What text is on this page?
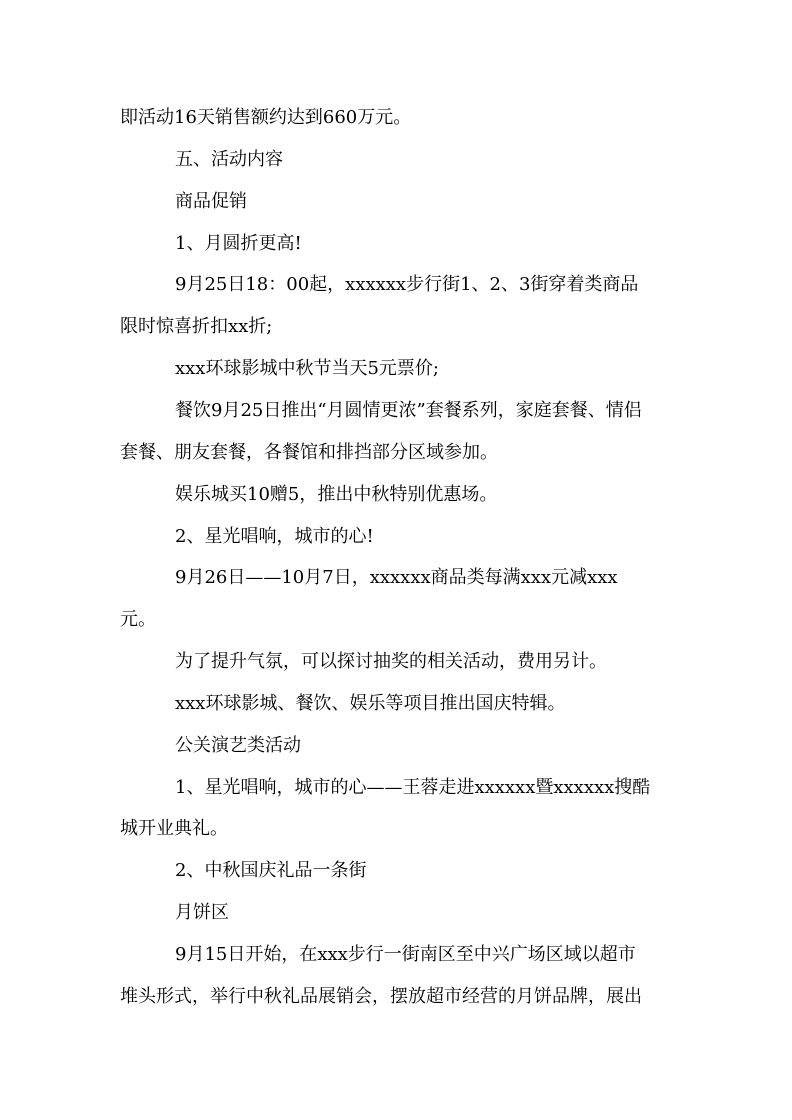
即活动16天销售额约达到660万元。
五、活动内容
商品促销
1、月圆折更高!
9月25日18：00起，xxxxxx步行街1、2、3街穿着类商品
限时惊喜折扣xx折;
xxx环球影城中秋节当天5元票价;
餐饮9月25日推出“月圆情更浓”套餐系列，家庭套餐、情侣
套餐、朋友套餐，各餐馆和排挡部分区域参加。
娱乐城买10赠5，推出中秋特别优惠场。
2、星光唱响，城市的心!
9月26日——10月7日，xxxxxx商品类每满xxx元减xxx
元。
为了提升气氛，可以探讨抽奖的相关活动，费用另计。
xxx环球影城、餐饮、娱乐等项目推出国庆特辑。
公关演艺类活动
1、星光唱响，城市的心——王蓉走进xxxxxx暨xxxxxx搜酷
城开业典礼。
2、中秋国庆礼品一条街
月饼区
9月15日开始，在xxx步行一街南区至中兴广场区域以超市
堆头形式，举行中秋礼品展销会，摆放超市经营的月饼品牌，展出
